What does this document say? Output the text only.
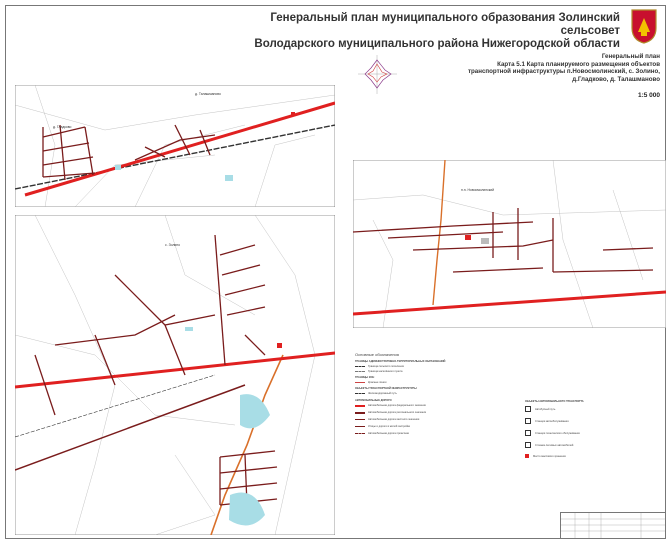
Генеральный план муниципального образования Золинский сельсовет
Володарского муниципального района Нижегородской области
Генеральный план
Карта 5.1 Карта планируемого размещения объектов
транспортной инфраструктуры п.Новосмолинский, с. Золино,
д.Гладково, д. Талашманово
1:5 000
д. Талашманово
д. Гладково
п.п. Новосмолинский
с. Золино
Основные обозначения
ГРАНИЦЫ АДМИНИСТРАТИВНО-ТЕРРИТОРИАЛЬНЫХ ОБРАЗОВАНИЙ
Граница сельского поселения
Граница населённого пункта
ГРАНИЦЫ ЗОН
Красные линии
ОБЪЕКТЫ ТРАНСПОРТНОЙ ИНФРАСТРУКТУРЫ
Железнодорожный путь
АВТОМОБИЛЬНЫЕ ДОРОГИ
Автомобильная дорога федерального значения
Автомобильная дорога регионального значения
Автомобильная дорога местного значения
Улицы и дороги в жилой застройке
Автомобильная дорога проектная
ОБЪЕКТЫ АВТОМОБИЛЬНОГО ТРАНСПОРТА
Автобусный путь
Станция автообслуживания
Станция технического обслуживания
Стоянка легковых автомобилей
Место массового хранения
